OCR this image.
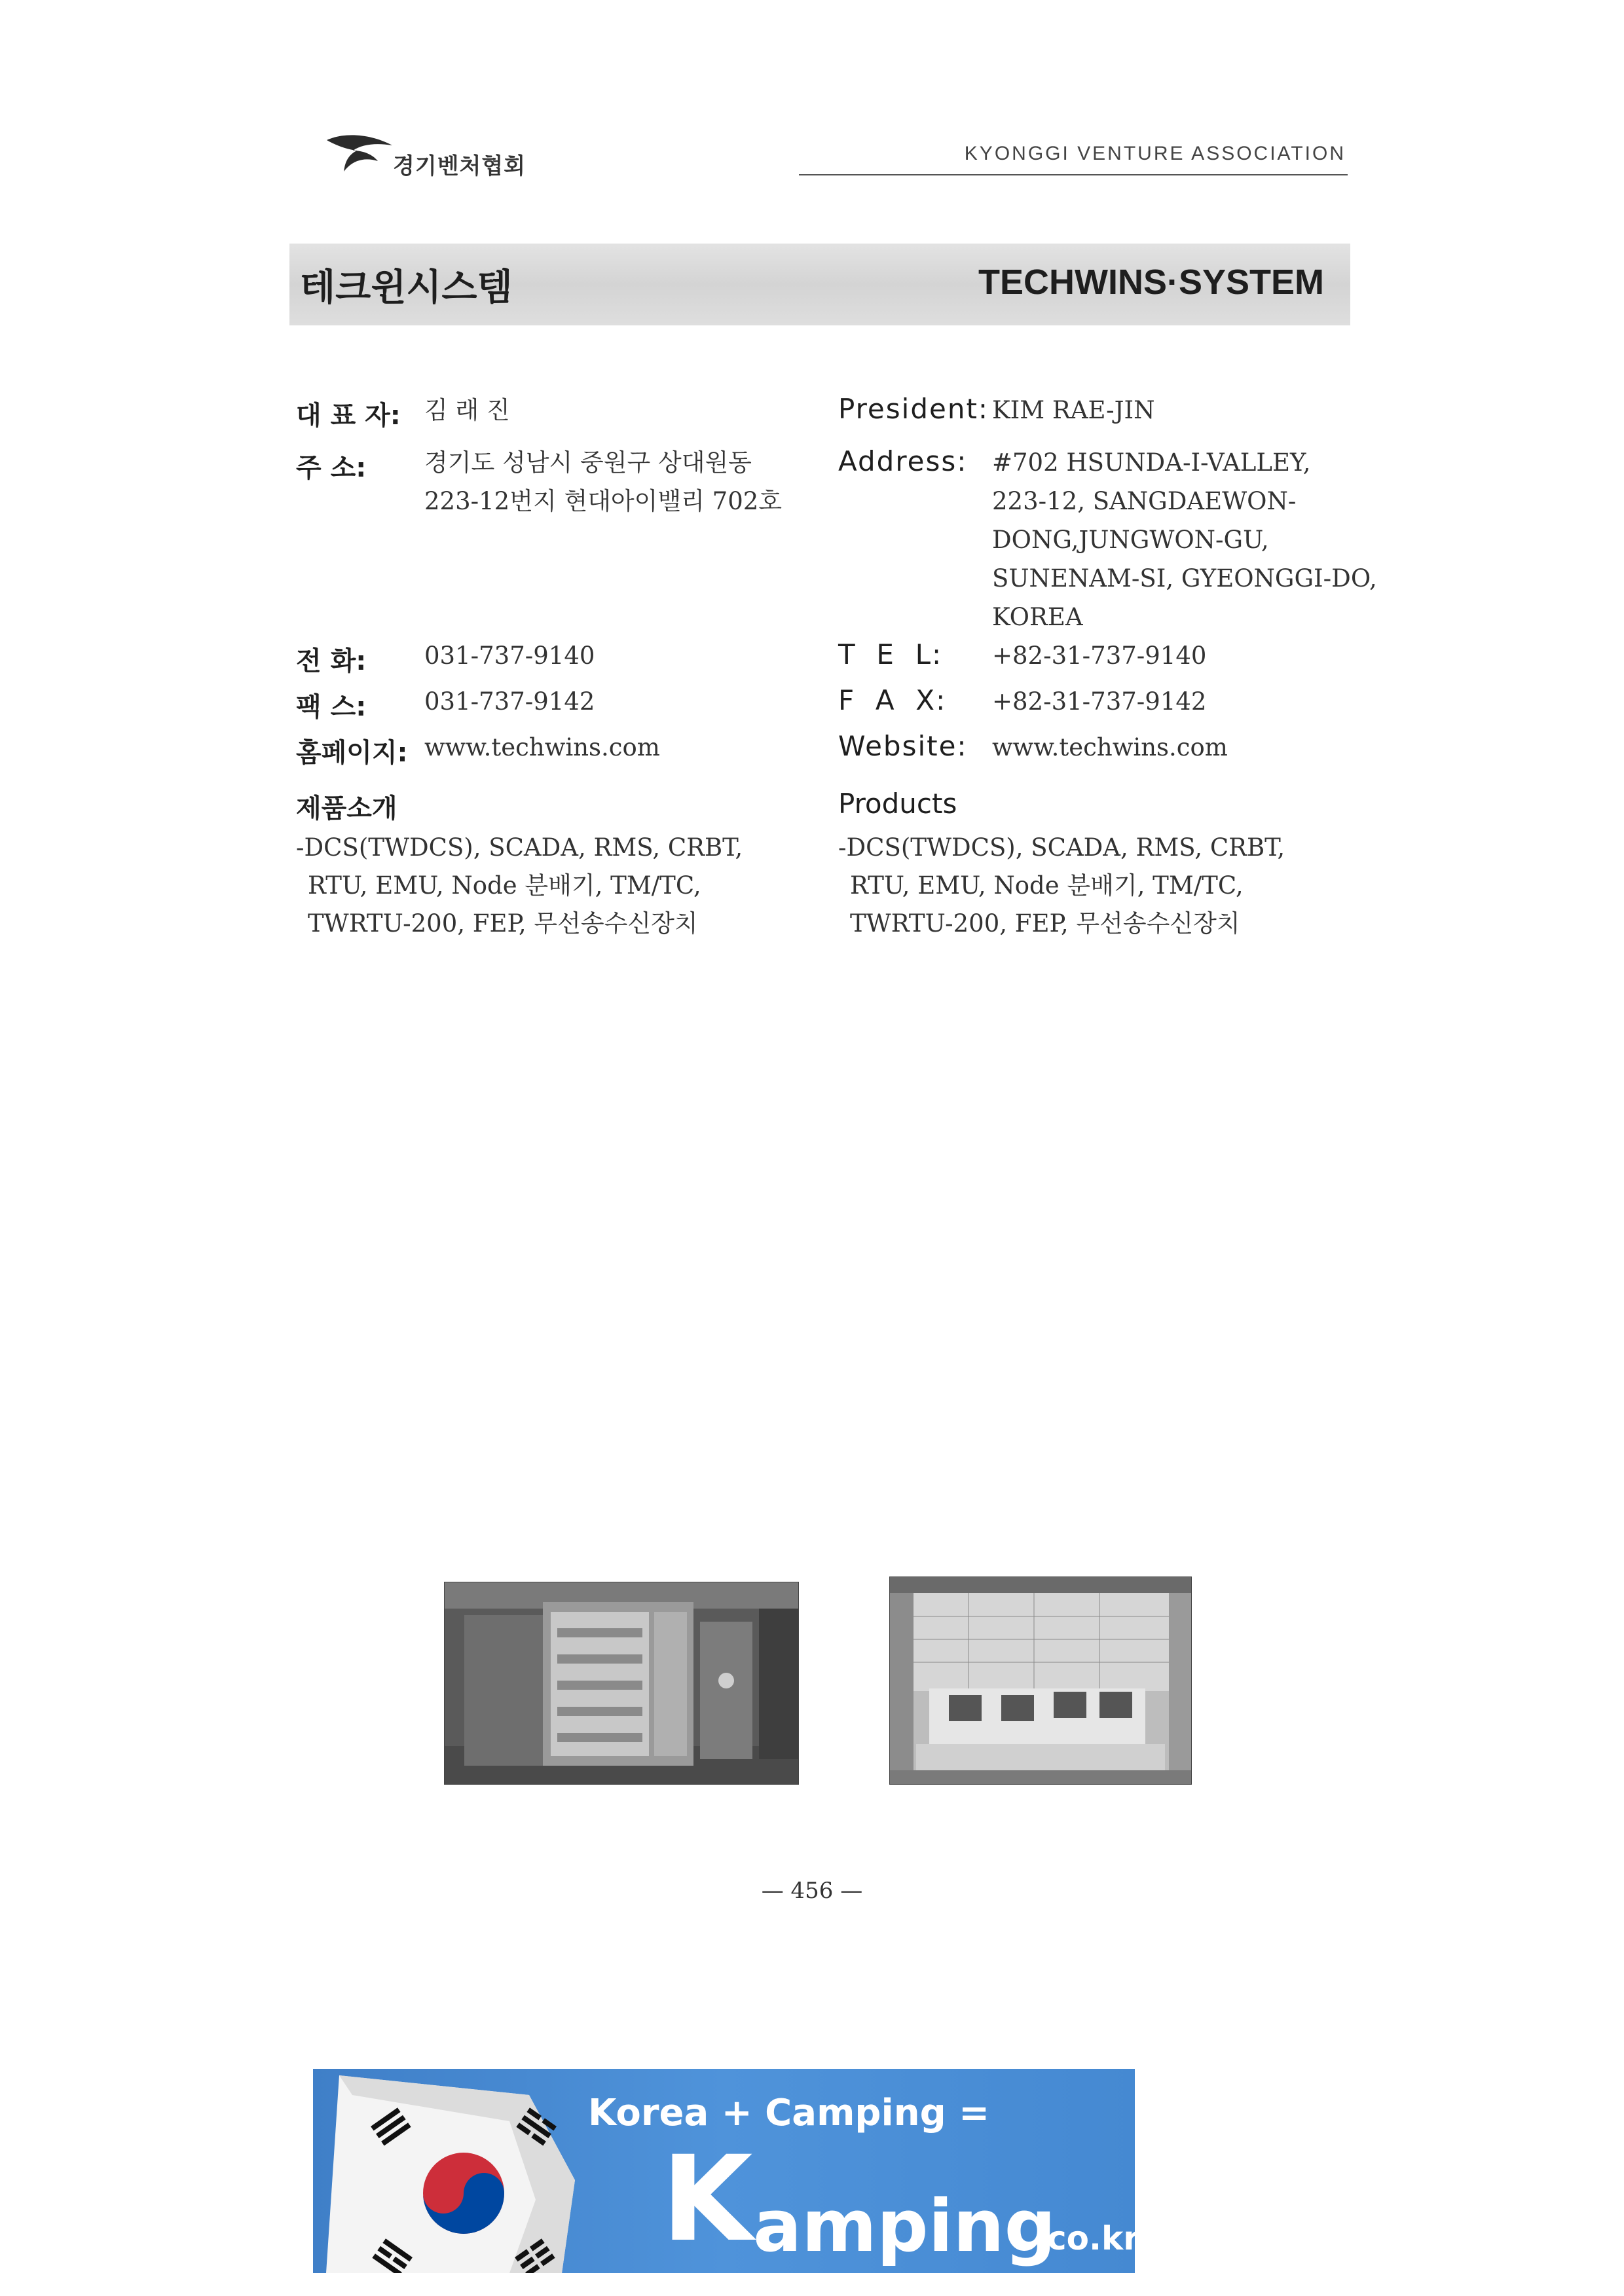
경기벤처협회	KYONGGI VENTURE ASSOCIATION
테크윈시스템	TECHWINS·SYSTEM
대 표 자: 김 래 진
주 소: 경기도 성남시 중원구 상대원동
223-12번지 현대아이밸리 702호
전 화: 031-737-9140
팩 스: 031-737-9142
홈페이지: www.techwins.com
제품소개
-DCS(TWDCS), SCADA, RMS, CRBT,
RTU, EMU, Node 분배기, TM/TC,
TWRTU-200, FEP, 무선송수신장치
President: KIM RAE-JIN
Address: #702 HSUNDA-I-VALLEY,
223-12, SANGDAEWON-
DONG,JUNGWON-GU,
SUNENAM-SI, GYEONGGI-DO,
KOREA
T  E  L: +82-31-737-9140
F  A  X: +82-31-737-9142
Website: www.techwins.com
Products
-DCS(TWDCS), SCADA, RMS, CRBT,
RTU, EMU, Node 분배기, TM/TC,
TWRTU-200, FEP, 무선송수신장치
— 456 —
Korea + Camping =
K amping
.co.kr
